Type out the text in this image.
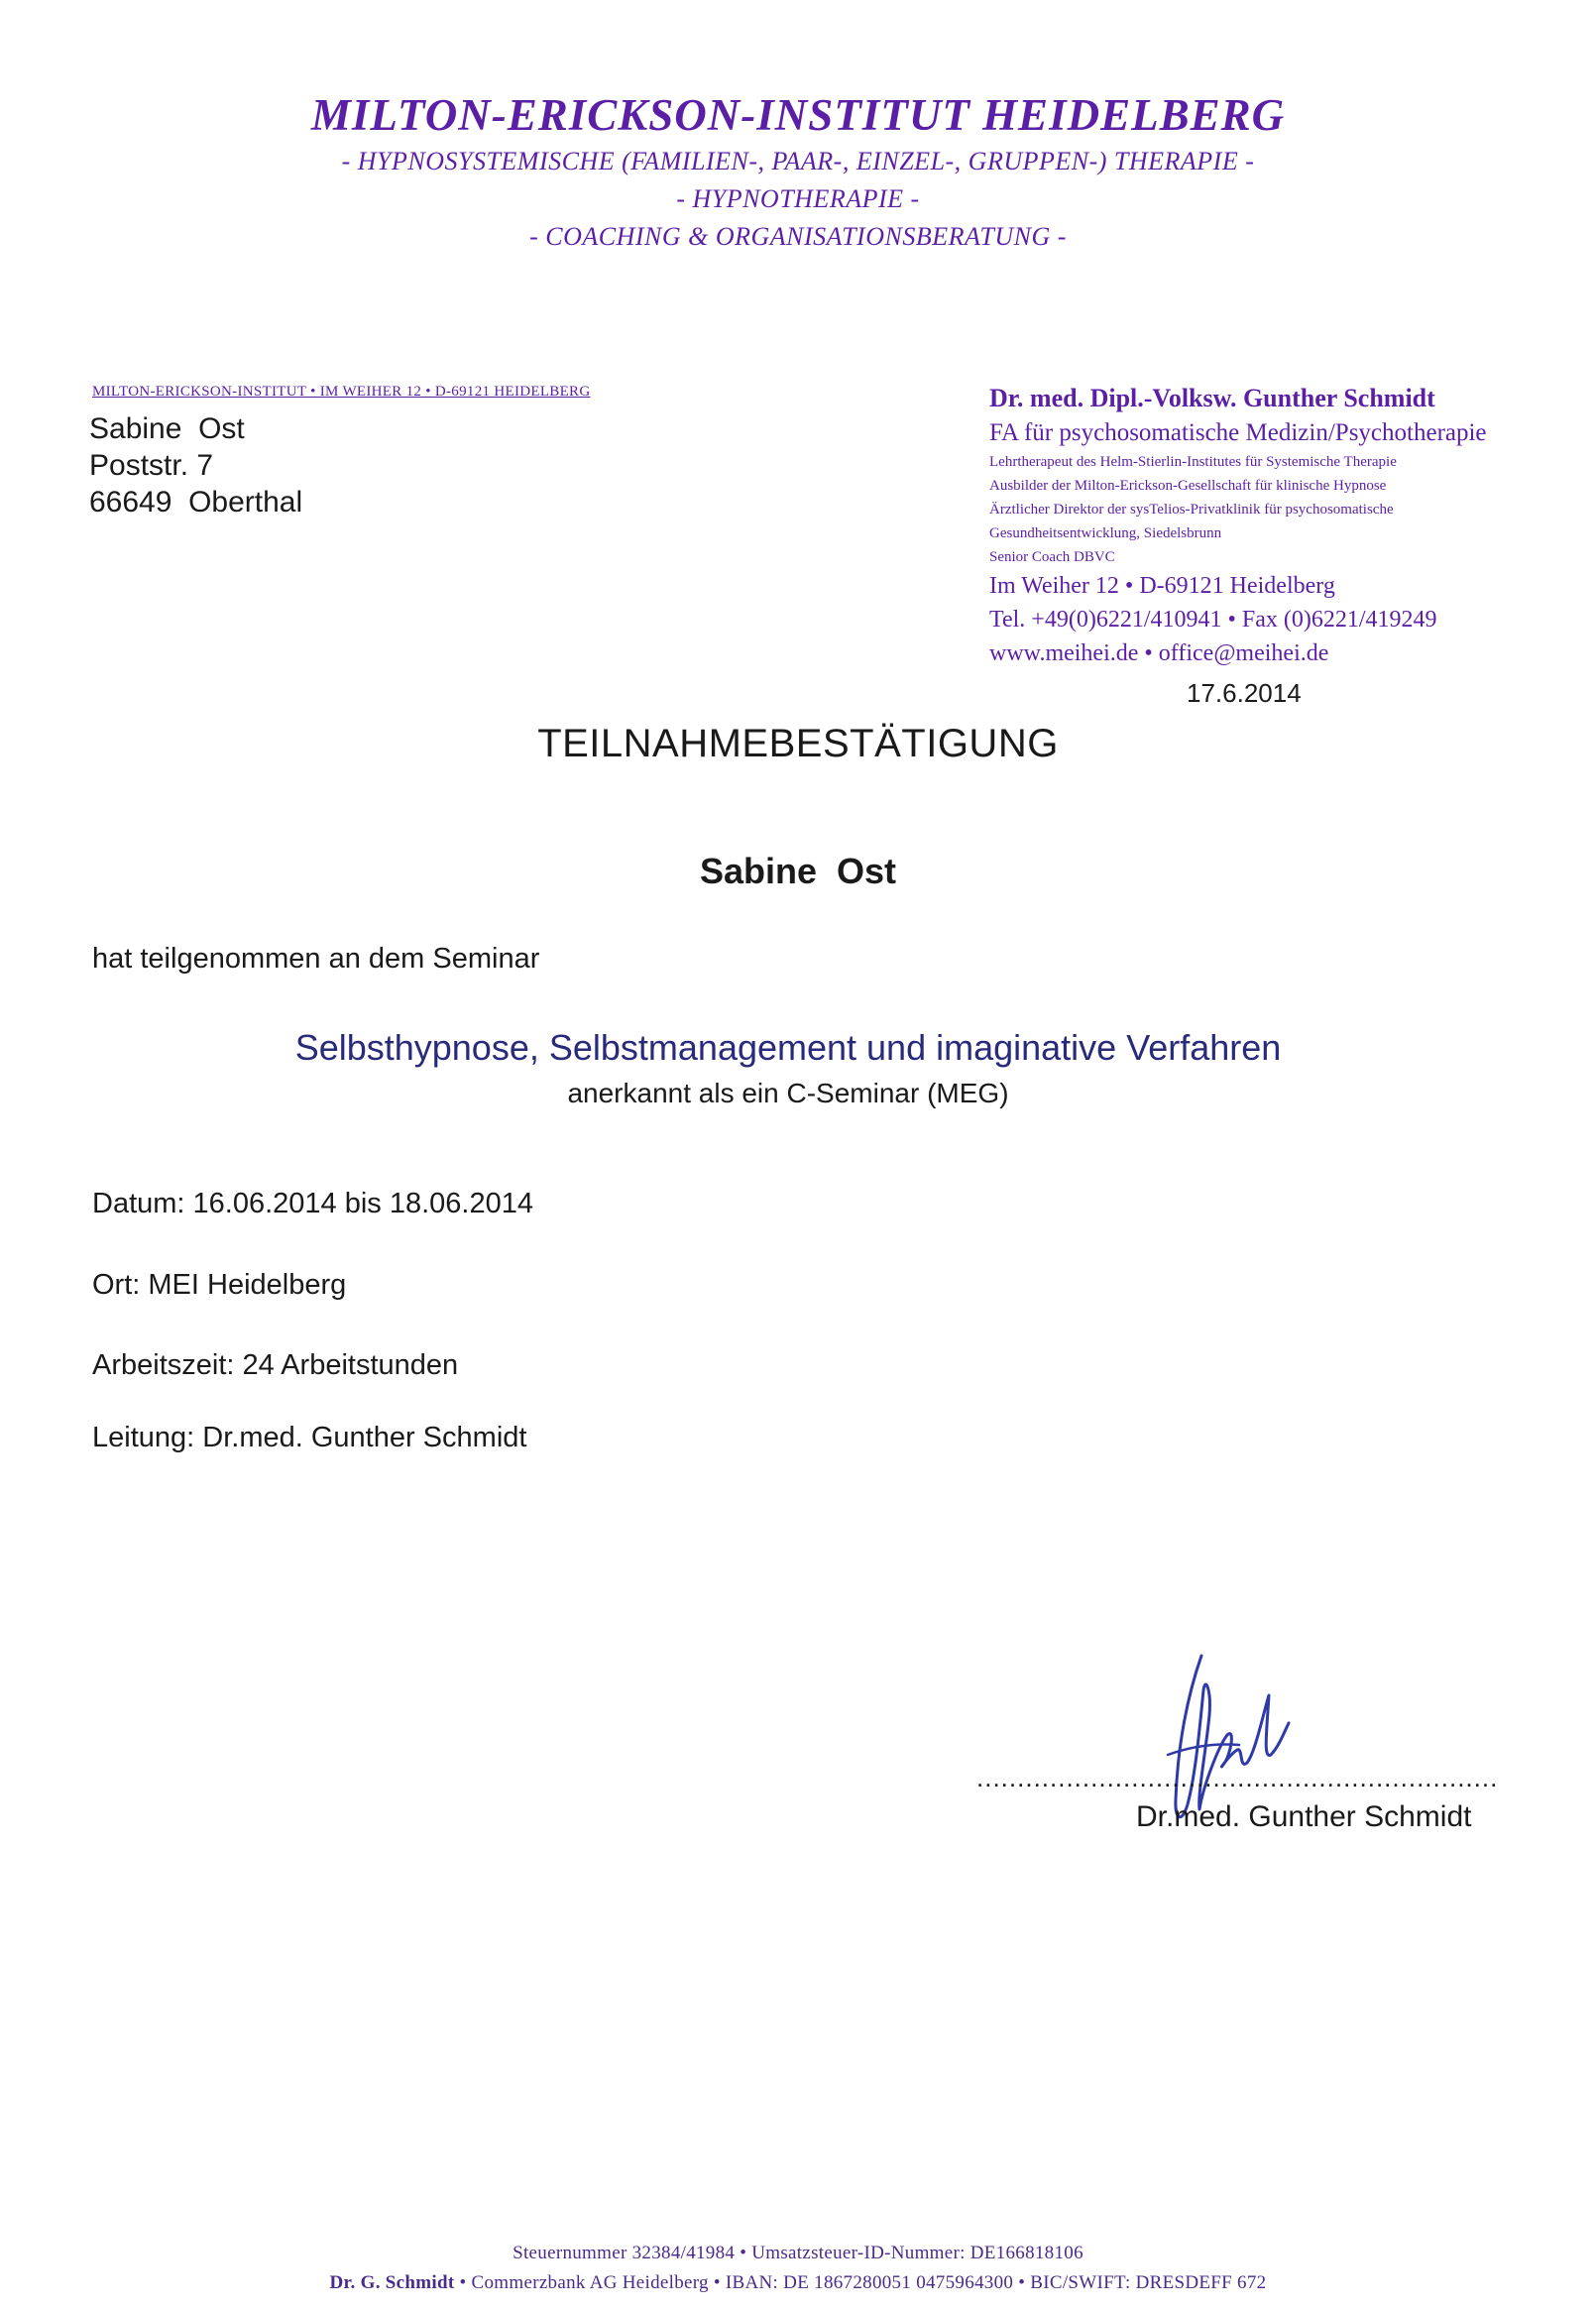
MILTON-ERICKSON-INSTITUT HEIDELBERG
- HYPNOSYSTEMISCHE (FAMILIEN-, PAAR-, EINZEL-, GRUPPEN-) THERAPIE -
- HYPNOTHERAPIE -
- COACHING & ORGANISATIONSBERATUNG -
MILTON-ERICKSON-INSTITUT • IM WEIHER 12 • D-69121 HEIDELBERG
Sabine  Ost
Poststr. 7
66649  Oberthal
Dr. med. Dipl.-Volksw. Gunther Schmidt
FA für psychosomatische Medizin/Psychotherapie
Lehrtherapeut des Helm-Stierlin-Institutes für Systemische Therapie
Ausbilder der Milton-Erickson-Gesellschaft für klinische Hypnose
Ärztlicher Direktor der sysTelios-Privatklinik für psychosomatische
Gesundheitsentwicklung, Siedelsbrunn
Senior Coach DBVC
Im Weiher 12 • D-69121 Heidelberg
Tel. +49(0)6221/410941 • Fax (0)6221/419249
www.meihei.de • office@meihei.de
17.6.2014
TEILNAHMEBESTÄTIGUNG
Sabine  Ost
hat teilgenommen an dem Seminar
Selbsthypnose, Selbstmanagement und imaginative Verfahren
anerkannt als ein C-Seminar (MEG)
Datum: 16.06.2014 bis 18.06.2014
Ort: MEI Heidelberg
Arbeitszeit: 24 Arbeitstunden
Leitung: Dr.med. Gunther Schmidt
................................................................
Dr.med. Gunther Schmidt
Steuernummer 32384/41984 • Umsatzsteuer-ID-Nummer: DE166818106
Dr. G. Schmidt • Commerzbank AG Heidelberg • IBAN: DE 1867280051 0475964300 • BIC/SWIFT: DRESDEFF 672
